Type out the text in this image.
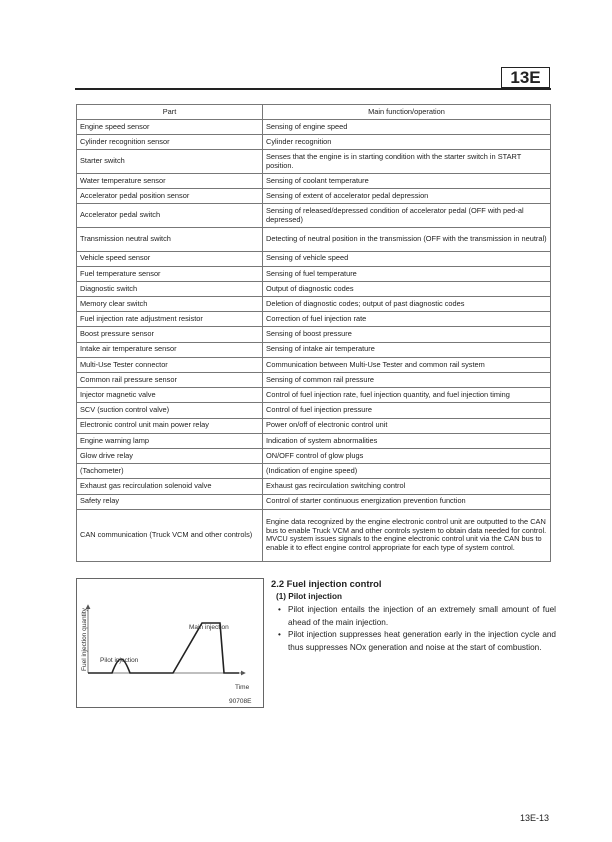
13E
Part	Main function/operation
Engine speed sensor	Sensing of engine speed
Cylinder recognition sensor	Cylinder recognition
Starter switch	Senses that the engine is in starting condition with the starter switch in START position.
Water temperature sensor	Sensing of coolant temperature
Accelerator pedal position sensor	Sensing of extent of accelerator pedal depression
Accelerator pedal switch	Sensing of released/depressed condition of accelerator pedal (OFF with ped-al depressed)
Transmission neutral switch	Detecting of neutral position in the transmission (OFF with the transmission in neutral)
Vehicle speed sensor	Sensing of vehicle speed
Fuel temperature sensor	Sensing of fuel temperature
Diagnostic switch	Output of diagnostic codes
Memory clear switch	Deletion of diagnostic codes; output of past diagnostic codes
Fuel injection rate adjustment resistor	Correction of fuel injection rate
Boost pressure sensor	Sensing of boost pressure
Intake air temperature sensor	Sensing of intake air temperature
Multi-Use Tester connector	Communication between Multi-Use Tester and common rail system
Common rail pressure sensor	Sensing of common rail pressure
Injector magnetic valve	Control of fuel injection rate, fuel injection quantity, and fuel injection timing
SCV (suction control valve)	Control of fuel injection pressure
Electronic control unit main power relay	Power on/off of electronic control unit
Engine warning lamp	Indication of system abnormalities
Glow drive relay	ON/OFF control of glow plugs
(Tachometer)	(Indication of engine speed)
Exhaust gas recirculation solenoid valve	Exhaust gas recirculation switching control
Safety relay	Control of starter continuous energization prevention function
CAN communication (Truck VCM and other controls)	Engine data recognized by the engine electronic control unit are outputted to the CAN bus to enable Truck VCM and other controls system to obtain data needed for control. MVCU system issues signals to the engine electronic control unit via the CAN bus to enable it to effect engine control appropriate for each type of system control.
Fuel injection quantity	Main injection
Pilot injection
Time
90708E
2.2 Fuel injection control
(1) Pilot injection
• Pilot injection entails the injection of an extremely small amount of fuel ahead of the main injection.
• Pilot injection suppresses heat generation early in the injection cycle and thus suppresses NOx generation and noise at the start of combustion.
13E-13
